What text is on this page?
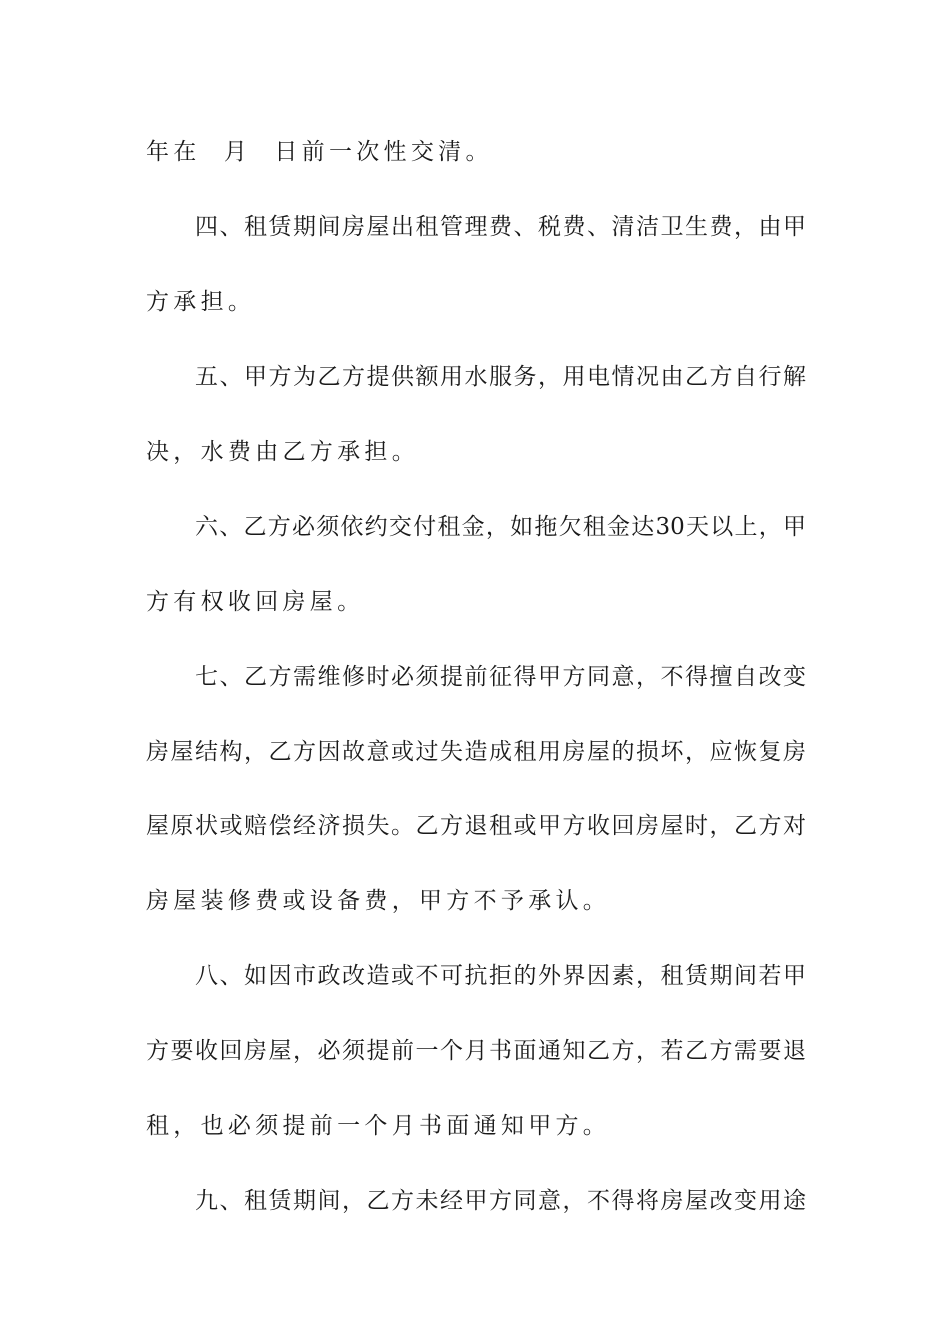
年在  月  日前一次性交清。

四、租赁期间房屋出租管理费、税费、清洁卫生费，由甲

方承担。

五、甲方为乙方提供额用水服务，用电情况由乙方自行解

决，水费由乙方承担。

六、乙方必须依约交付租金，如拖欠租金达30天以上，甲

方有权收回房屋。

七、乙方需维修时必须提前征得甲方同意，不得擅自改变

房屋结构，乙方因故意或过失造成租用房屋的损坏，应恢复房

屋原状或赔偿经济损失。乙方退租或甲方收回房屋时，乙方对

房屋装修费或设备费，甲方不予承认。

八、如因市政改造或不可抗拒的外界因素，租赁期间若甲

方要收回房屋，必须提前一个月书面通知乙方，若乙方需要退

租，也必须提前一个月书面通知甲方。

九、租赁期间，乙方未经甲方同意，不得将房屋改变用途
